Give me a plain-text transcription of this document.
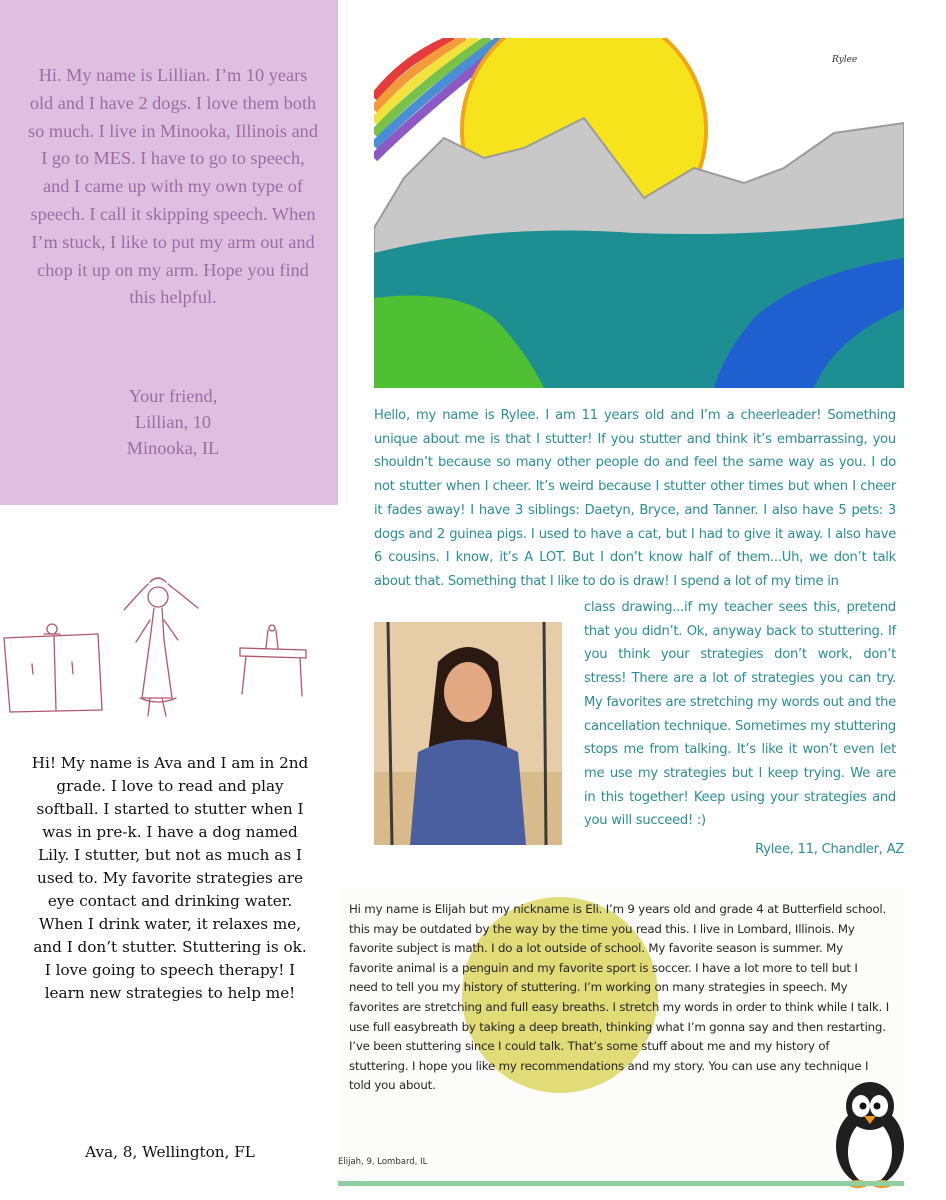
Hi. My name is Lillian. I’m 10 years old and I have 2 dogs. I love them both so much. I live in Minooka, Illinois and I go to MES. I have to go to speech, and I came up with my own type of speech. I call it skipping speech. When I’m stuck, I like to put my arm out and chop it up on my arm. Hope you find this helpful.

Your friend,
Lillian, 10
Minooka, IL

Hi! My name is Ava and I am in 2nd grade. I love to read and play softball. I started to stutter when I was in pre-k. I have a dog named Lily. I stutter, but not as much as I used to. My favorite strategies are eye contact and drinking water. When I drink water, it relaxes me, and I don’t stutter. Stuttering is ok. I love going to speech therapy! I learn new strategies to help me!

Ava, 8, Wellington, FL

Rylee

Hello, my name is Rylee. I am 11 years old and I’m a cheerleader! Something unique about me is that I stutter! If you stutter and think it’s embarrassing, you shouldn’t because so many other people do and feel the same way as you. I do not stutter when I cheer. It’s weird because I stutter other times but when I cheer it fades away! I have 3 siblings: Daetyn, Bryce, and Tanner. I also have 5 pets: 3 dogs and 2 guinea pigs. I used to have a cat, but I had to give it away. I also have 6 cousins. I know, it’s A LOT. But I don’t know half of them...Uh, we don’t talk about that. Something that I like to do is draw! I spend a lot of my time in

class drawing...if my teacher sees this, pretend that you didn’t. Ok, anyway back to stuttering. If you think your strategies don’t work, don’t stress! There are a lot of strategies you can try. My favorites are stretching my words out and the cancellation technique. Sometimes my stuttering stops me from talking. It’s like it won’t even let me use my strategies but I keep trying. We are in this together! Keep using your strategies and you will succeed! :)

Rylee, 11, Chandler, AZ

Hi my name is Elijah but my nickname is Eli. I’m 9 years old and grade 4 at Butterfield school. this may be outdated by the way by the time you read this. I live in Lombard, Illinois. My favorite subject is math. I do a lot outside of school. My favorite season is summer. My favorite animal is a penguin and my favorite sport is soccer. I have a lot more to tell but I need to tell you my history of stuttering. I’m working on many strategies in speech. My favorites are stretching and full easy breaths. I stretch my words in order to think while I talk. I use full easybreath by taking a deep breath, thinking what I’m gonna say and then restarting. I’ve been stuttering since I could talk. That’s some stuff about me and my history of stuttering. I hope you like my recommendations and my story. You can use any technique I told you about.

Elijah, 9, Lombard, IL
